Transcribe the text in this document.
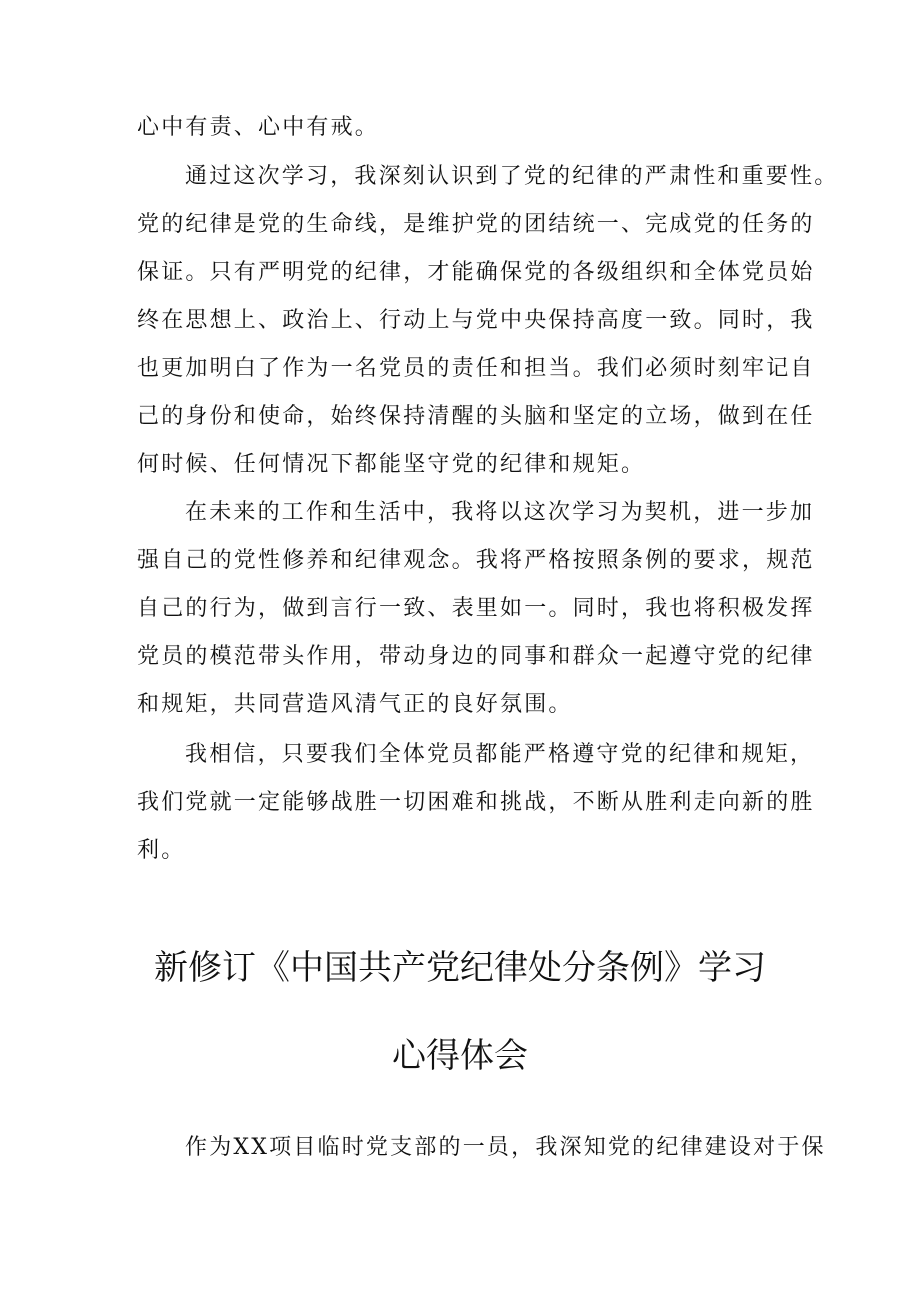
心中有责、心中有戒。
通过这次学习，我深刻认识到了党的纪律的严肃性和重要性。
党的纪律是党的生命线，是维护党的团结统一、完成党的任务的
保证。只有严明党的纪律，才能确保党的各级组织和全体党员始
终在思想上、政治上、行动上与党中央保持高度一致。同时，我
也更加明白了作为一名党员的责任和担当。我们必须时刻牢记自
己的身份和使命，始终保持清醒的头脑和坚定的立场，做到在任
何时候、任何情况下都能坚守党的纪律和规矩。
在未来的工作和生活中，我将以这次学习为契机，进一步加
强自己的党性修养和纪律观念。我将严格按照条例的要求，规范
自己的行为，做到言行一致、表里如一。同时，我也将积极发挥
党员的模范带头作用，带动身边的同事和群众一起遵守党的纪律
和规矩，共同营造风清气正的良好氛围。
我相信，只要我们全体党员都能严格遵守党的纪律和规矩，
我们党就一定能够战胜一切困难和挑战，不断从胜利走向新的胜
利。
新修订《中国共产党纪律处分条例》学习
心得体会
作为XX项目临时党支部的一员，我深知党的纪律建设对于保
